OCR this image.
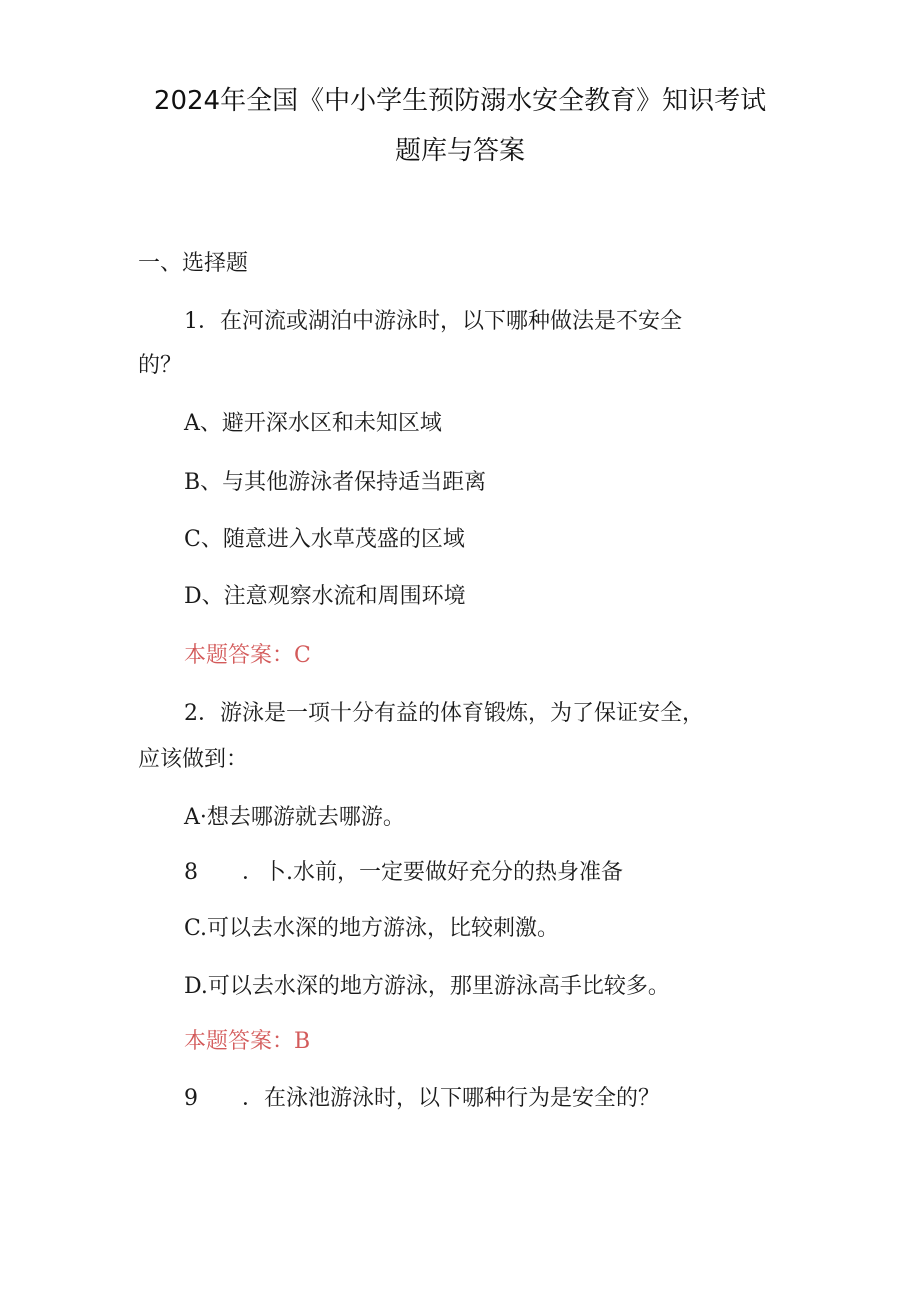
2024年全国《中小学生预防溺水安全教育》知识考试
题库与答案
一、选择题
1．在河流或湖泊中游泳时，以下哪种做法是不安全
的？
A、避开深水区和未知区域
B、与其他游泳者保持适当距离
C、随意进入水草茂盛的区域
D、注意观察水流和周围环境
本题答案：C
2．游泳是一项十分有益的体育锻炼，为了保证安全，
应该做到：
A·想去哪游就去哪游。
8　　．卜.水前，一定要做好充分的热身准备
C.可以去水深的地方游泳，比较刺激。
D.可以去水深的地方游泳，那里游泳高手比较多。
本题答案：B
9　　．在泳池游泳时，以下哪种行为是安全的？
